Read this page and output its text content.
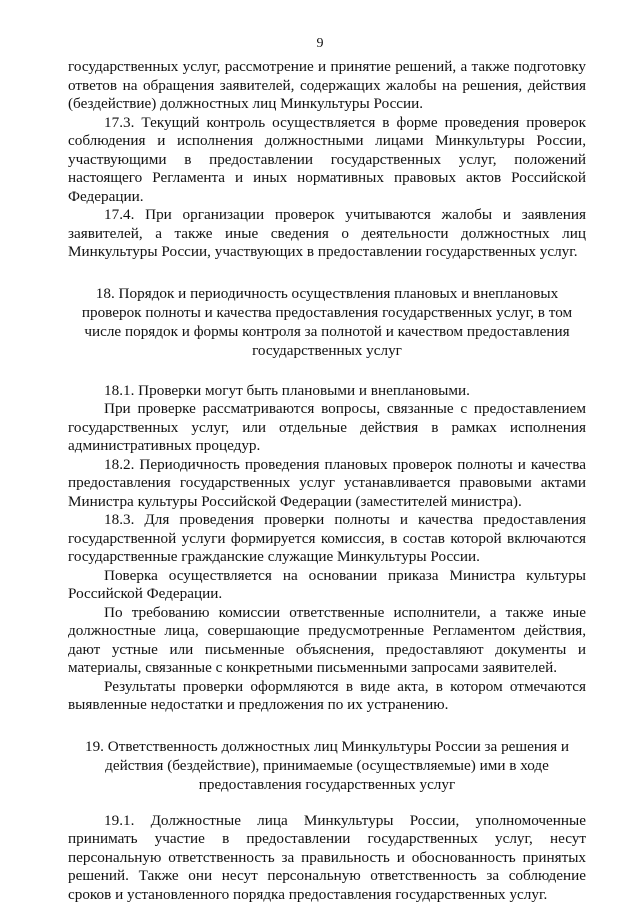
9

государственных услуг, рассмотрение и принятие решений, а также подготовку ответов на обращения заявителей, содержащих жалобы на решения, действия (бездействие) должностных лиц Минкультуры России.

17.3. Текущий контроль осуществляется в форме проведения проверок соблюдения и исполнения должностными лицами Минкультуры России, участвующими в предоставлении государственных услуг, положений настоящего Регламента и иных нормативных правовых актов Российской Федерации.

17.4. При организации проверок учитываются жалобы и заявления заявителей, а также иные сведения о деятельности должностных лиц Минкультуры России, участвующих в предоставлении государственных услуг.

18. Порядок и периодичность осуществления плановых и внеплановых проверок полноты и качества предоставления государственных услуг, в том числе порядок и формы контроля за полнотой и качеством предоставления государственных услуг

18.1. Проверки могут быть плановыми и внеплановыми.

При проверке рассматриваются вопросы, связанные с предоставлением государственных услуг, или отдельные действия в рамках исполнения административных процедур.

18.2. Периодичность проведения плановых проверок полноты и качества предоставления государственных услуг устанавливается правовыми актами Министра культуры Российской Федерации (заместителей министра).

18.3. Для проведения проверки полноты и качества предоставления государственной услуги формируется комиссия, в состав которой включаются государственные гражданские служащие Минкультуры России.

Поверка осуществляется на основании приказа Министра культуры Российской Федерации.

По требованию комиссии ответственные исполнители, а также иные должностные лица, совершающие предусмотренные Регламентом действия, дают устные или письменные объяснения, предоставляют документы и материалы, связанные с конкретными письменными запросами заявителей.

Результаты проверки оформляются в виде акта, в котором отмечаются выявленные недостатки и предложения по их устранению.

19. Ответственность должностных лиц Минкультуры России за решения и действия (бездействие), принимаемые (осуществляемые) ими в ходе предоставления государственных услуг

19.1. Должностные лица Минкультуры России, уполномоченные принимать участие в предоставлении государственных услуг, несут персональную ответственность за правильность и обоснованность принятых решений. Также они несут персональную ответственность за соблюдение сроков и установленного порядка предоставления государственных услуг.
